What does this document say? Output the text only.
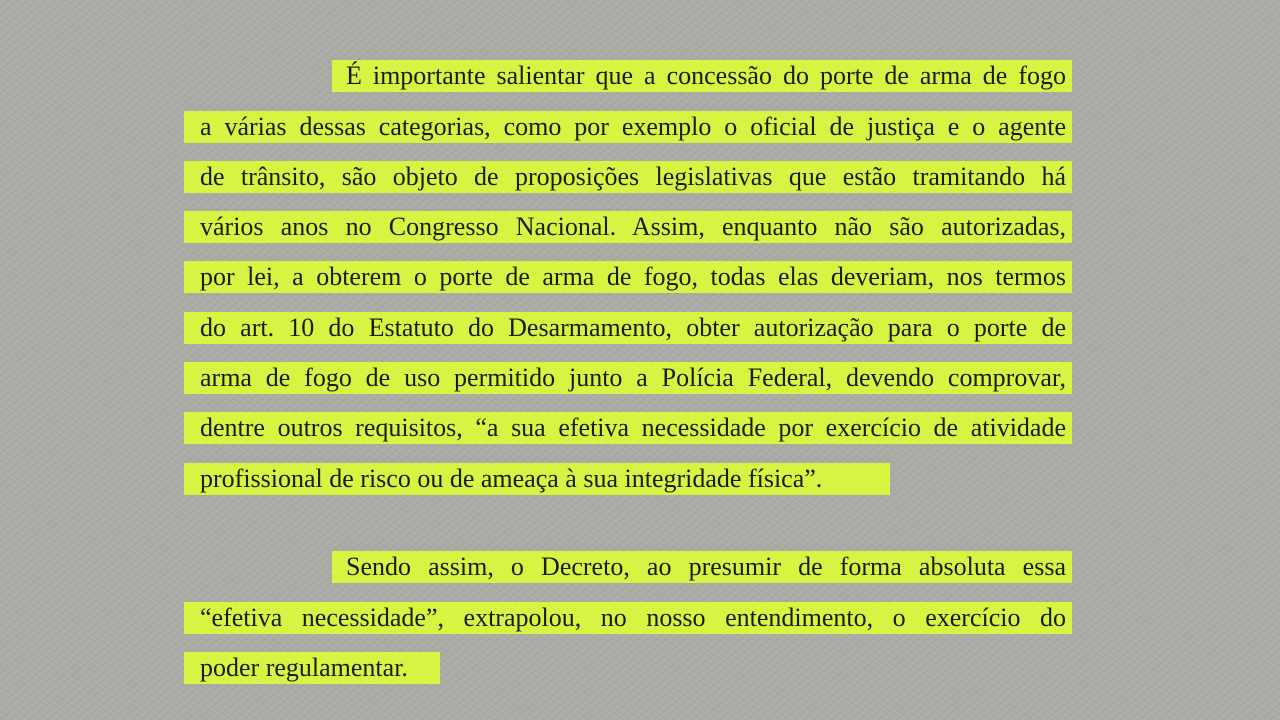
É importante salientar que a concessão do porte de arma de fogo
a várias dessas categorias, como por exemplo o oficial de justiça e o agente
de trânsito, são objeto de proposições legislativas que estão tramitando há
vários anos no Congresso Nacional. Assim, enquanto não são autorizadas,
por lei, a obterem o porte de arma de fogo, todas elas deveriam, nos termos
do art. 10 do Estatuto do Desarmamento, obter autorização para o porte de
arma de fogo de uso permitido junto a Polícia Federal, devendo comprovar,
dentre outros requisitos, “a sua efetiva necessidade por exercício de atividade
profissional de risco ou de ameaça à sua integridade física”.
Sendo assim, o Decreto, ao presumir de forma absoluta essa
“efetiva necessidade”, extrapolou, no nosso entendimento, o exercício do
poder regulamentar.
